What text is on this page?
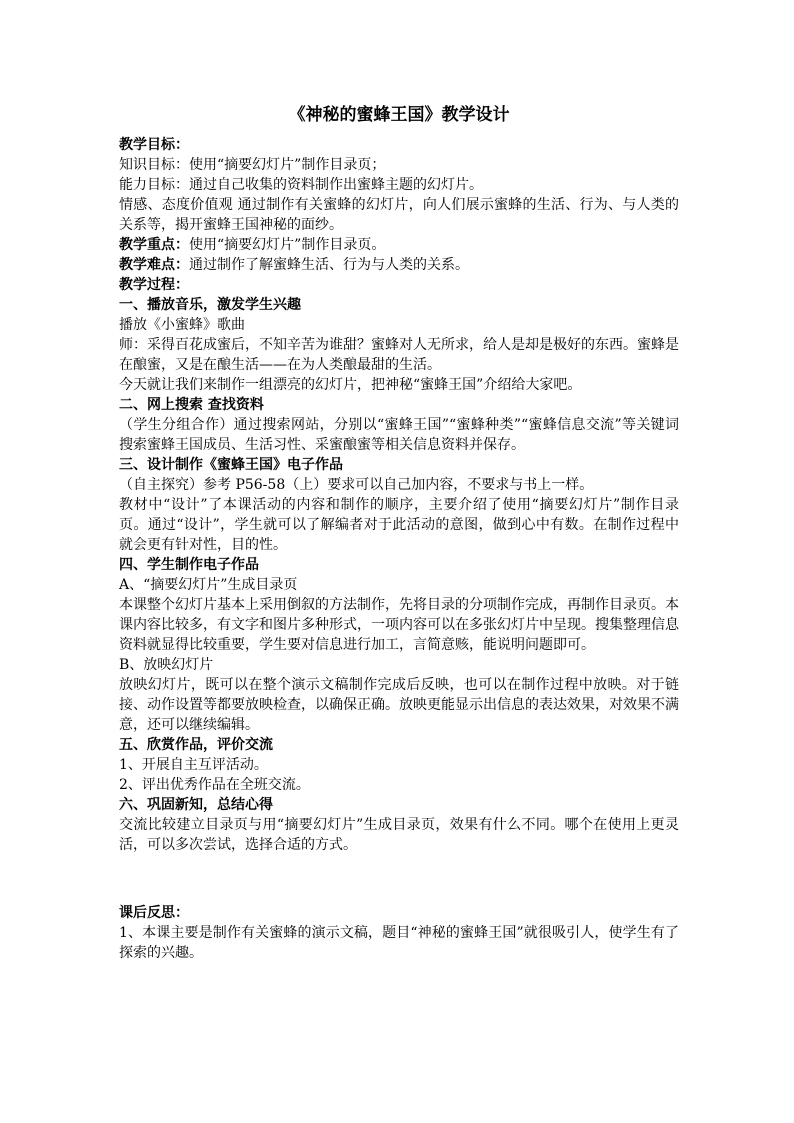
《神秘的蜜蜂王国》教学设计
教学目标：
知识目标：使用“摘要幻灯片”制作目录页；
能力目标：通过自己收集的资料制作出蜜蜂主题的幻灯片。
情感、态度价值观 通过制作有关蜜蜂的幻灯片，向人们展示蜜蜂的生活、行为、与人类的关系等，揭开蜜蜂王国神秘的面纱。
教学重点：使用“摘要幻灯片”制作目录页。
教学难点：通过制作了解蜜蜂生活、行为与人类的关系。
教学过程：
一、播放音乐，激发学生兴趣
播放《小蜜蜂》歌曲
师：采得百花成蜜后，不知辛苦为谁甜？蜜蜂对人无所求，给人是却是极好的东西。蜜蜂是在酿蜜，又是在酿生活——在为人类酿最甜的生活。
今天就让我们来制作一组漂亮的幻灯片，把神秘“蜜蜂王国”介绍给大家吧。
二、网上搜索 查找资料
（学生分组合作）通过搜索网站，分别以“蜜蜂王国”“蜜蜂种类”“蜜蜂信息交流”等关键词搜索蜜蜂王国成员、生活习性、采蜜酿蜜等相关信息资料并保存。
三、设计制作《蜜蜂王国》电子作品
（自主探究）参考 P56-58（上）要求可以自己加内容，不要求与书上一样。
教材中“设计”了本课活动的内容和制作的顺序，主要介绍了使用“摘要幻灯片”制作目录页。通过“设计”，学生就可以了解编者对于此活动的意图，做到心中有数。在制作过程中就会更有针对性，目的性。
四、学生制作电子作品
A、“摘要幻灯片”生成目录页
本课整个幻灯片基本上采用倒叙的方法制作，先将目录的分项制作完成，再制作目录页。本课内容比较多，有文字和图片多种形式，一项内容可以在多张幻灯片中呈现。搜集整理信息资料就显得比较重要，学生要对信息进行加工，言简意赅，能说明问题即可。
B、放映幻灯片
放映幻灯片，既可以在整个演示文稿制作完成后反映，也可以在制作过程中放映。对于链接、动作设置等都要放映检查，以确保正确。放映更能显示出信息的表达效果，对效果不满意，还可以继续编辑。
五、欣赏作品，评价交流
1、开展自主互评活动。
2、评出优秀作品在全班交流。
六、巩固新知，总结心得
交流比较建立目录页与用“摘要幻灯片”生成目录页，效果有什么不同。哪个在使用上更灵活，可以多次尝试，选择合适的方式。
课后反思：
1、本课主要是制作有关蜜蜂的演示文稿，题目“神秘的蜜蜂王国”就很吸引人，使学生有了探索的兴趣。
